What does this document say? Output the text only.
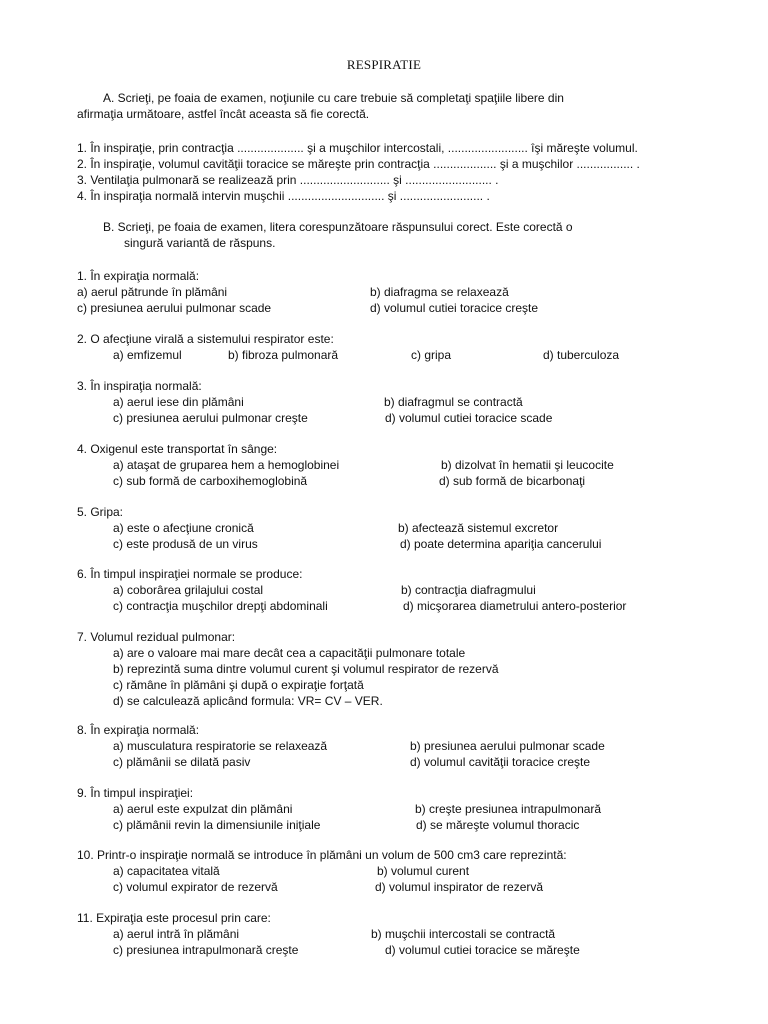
RESPIRATIE
A. Scrieţi, pe foaia de examen, noţiunile cu care trebuie să completaţi spaţiile libere din
afirmaţia următoare, astfel încât aceasta să fie corectă.
1. În inspiraţie, prin contracţia .................... şi a muşchilor intercostali, ........................ îşi măreşte volumul.
2. În inspiraţie, volumul cavităţii toracice se măreşte prin contracţia ................... şi a muşchilor ................. .
3. Ventilaţia pulmonară se realizează prin ........................... şi .......................... .
4. În inspiraţia normală intervin muşchii ............................. şi ......................... .
B. Scrieţi, pe foaia de examen, litera corespunzătoare răspunsului corect. Este corectă o
singură variantă de răspuns.
1. În expiraţia normală:
a) aerul pătrunde în plămâni	b) diafragma se relaxează
c) presiunea aerului pulmonar scade	d) volumul cutiei toracice creşte
2. O afecţiune virală a sistemului respirator este:
a) emfizemul	b) fibroza pulmonară	c) gripa	d) tuberculoza
3. În inspiraţia normală:
a) aerul iese din plămâni	b) diafragmul se contractă
c) presiunea aerului pulmonar creşte	d) volumul cutiei toracice scade
4. Oxigenul este transportat în sânge:
a) ataşat de gruparea hem a hemoglobinei	b) dizolvat în hematii şi leucocite
c) sub formă de carboxihemoglobină	d) sub formă de bicarbonaţi
5. Gripa:
a) este o afecţiune cronică	b) afectează sistemul excretor
c) este produsă de un virus	d) poate determina apariţia cancerului
6. În timpul inspiraţiei normale se produce:
a) coborârea grilajului costal	b) contracţia diafragmului
c) contracţia muşchilor drepţi abdominali	d) micşorarea diametrului antero-posterior
7. Volumul rezidual pulmonar:
a) are o valoare mai mare decât cea a capacităţii pulmonare totale
b) reprezintă suma dintre volumul curent şi volumul respirator de rezervă
c) rămâne în plămâni şi după o expiraţie forţată
d) se calculează aplicând formula: VR= CV – VER.
8. În expiraţia normală:
a) musculatura respiratorie se relaxează	b) presiunea aerului pulmonar scade
c) plămânii se dilată pasiv	d) volumul cavităţii toracice creşte
9. În timpul inspiraţiei:
a) aerul este expulzat din plămâni	b) creşte presiunea intrapulmonară
c) plămânii revin la dimensiunile iniţiale	d) se măreşte volumul thoracic
10. Printr-o inspiraţie normală se introduce în plămâni un volum de 500 cm3 care reprezintă:
a) capacitatea vitală	b) volumul curent
c) volumul expirator de rezervă	d) volumul inspirator de rezervă
11. Expiraţia este procesul prin care:
a) aerul intră în plămâni	b) muşchii intercostali se contractă
c) presiunea intrapulmonară creşte	d) volumul cutiei toracice se măreşte
